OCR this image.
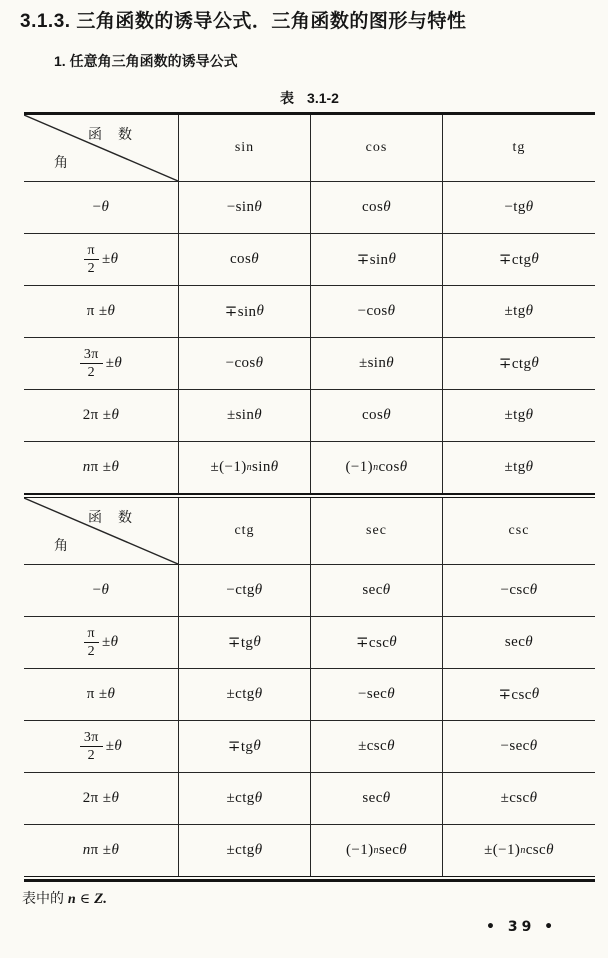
3.1.3. 三角函数的诱导公式．三角函数的图形与特性
1. 任意角三角函数的诱导公式
表 3.1-2
函数
角
sin	cos	tg
− θ	−sin θ	cos θ	−tg θ
$\frac{\pi}{2} \pm\theta$	cos θ	∓sin θ	∓ctg θ
π ± θ	∓sin θ	−cos θ	±tg θ
$\frac{3\pi}{2} \pm\theta$	−cos θ	±sin θ	∓ctg θ
2π ± θ	±sin θ	cos θ	±tg θ
n π ± θ	±(−1) n sin θ	(−1) n cos θ	±tg θ
函数
角
ctg	sec	csc
− θ	−ctg θ	sec θ	−csc θ
$\frac{\pi}{2} \pm\theta$	∓tg θ	∓csc θ	sec θ
π ± θ	±ctg θ	−sec θ	∓csc θ
$\frac{3\pi}{2} \pm\theta$	∓tg θ	±csc θ	−sec θ
2π ± θ	±ctg θ	sec θ	±csc θ
n π ± θ	±ctg θ	(−1) n sec θ	±(−1) n csc θ
表中的 n ∈ Z.
• 39 •
